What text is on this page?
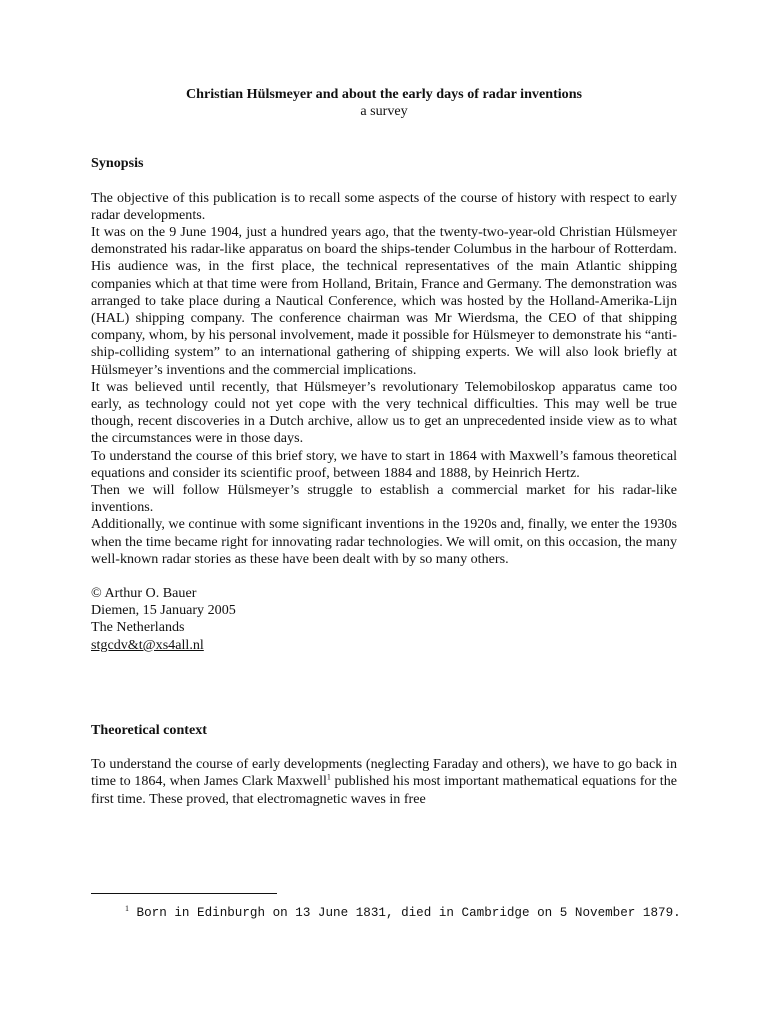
Christian Hülsmeyer and about the early days of radar inventions

a survey

Synopsis

The objective of this publication is to recall some aspects of the course of history with respect to early radar developments.

It was on the 9 June 1904, just a hundred years ago, that the twenty-two-year-old Christian Hülsmeyer demonstrated his radar-like apparatus on board the ships-tender Columbus in the harbour of Rotterdam. His audience was, in the first place, the technical representatives of the main Atlantic shipping companies which at that time were from Holland, Britain, France and Germany. The demonstration was arranged to take place during a Nautical Conference, which was hosted by the Holland-Amerika-Lijn (HAL) shipping company. The conference chairman was Mr Wierdsma, the CEO of that shipping company, whom, by his personal involvement, made it possible for Hülsmeyer to demonstrate his “anti-ship-colliding system” to an international gathering of shipping experts. We will also look briefly at Hülsmeyer’s inventions and the commercial implications.

It was believed until recently, that Hülsmeyer’s revolutionary Telemobiloskop apparatus came too early, as technology could not yet cope with the very technical difficulties. This may well be true though, recent discoveries in a Dutch archive, allow us to get an unprecedented inside view as to what the circumstances were in those days.

To understand the course of this brief story, we have to start in 1864 with Maxwell’s famous theoretical equations and consider its scientific proof, between 1884 and 1888, by Heinrich Hertz.

Then we will follow Hülsmeyer’s struggle to establish a commercial market for his radar-like inventions.

Additionally, we continue with some significant inventions in the 1920s and, finally, we enter the 1930s when the time became right for innovating radar technologies. We will omit, on this occasion, the many well-known radar stories as these have been dealt with by so many others.

© Arthur O. Bauer

Diemen, 15 January 2005

The Netherlands

stgcdv&t@xs4all.nl

Theoretical context

To understand the course of early developments (neglecting Faraday and others), we have to go back in time to 1864, when James Clark Maxwell$^1$ published his most important mathematical equations for the first time. These proved, that electromagnetic waves in free

$^1$ Born in Edinburgh on 13 June 1831, died in Cambridge on 5 November 1879.
